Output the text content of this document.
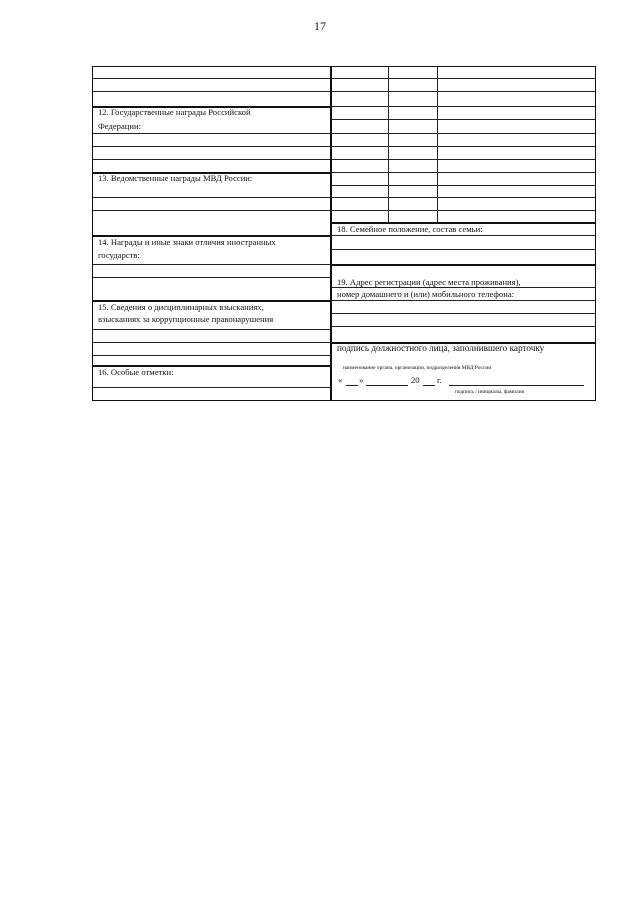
17
12. Государственные награды Российской
Федерации:
13. Ведомственные награды МВД России:
14. Награды и иные знаки отличия иностранных
государств:
15. Сведения о дисциплинарных взысканиях,
взысканиях за коррупционные правонарушения
16. Особые отметки:
18. Семейное положение, состав семьи:
19. Адрес регистрации (адрес места проживания),
номер домашнего и (или) мобильного телефона:
подпись должностного лица, заполнившего карточку
наименование органа, организации, подразделения МВД России
« »	20 г.
подпись / инициалы, фамилия
